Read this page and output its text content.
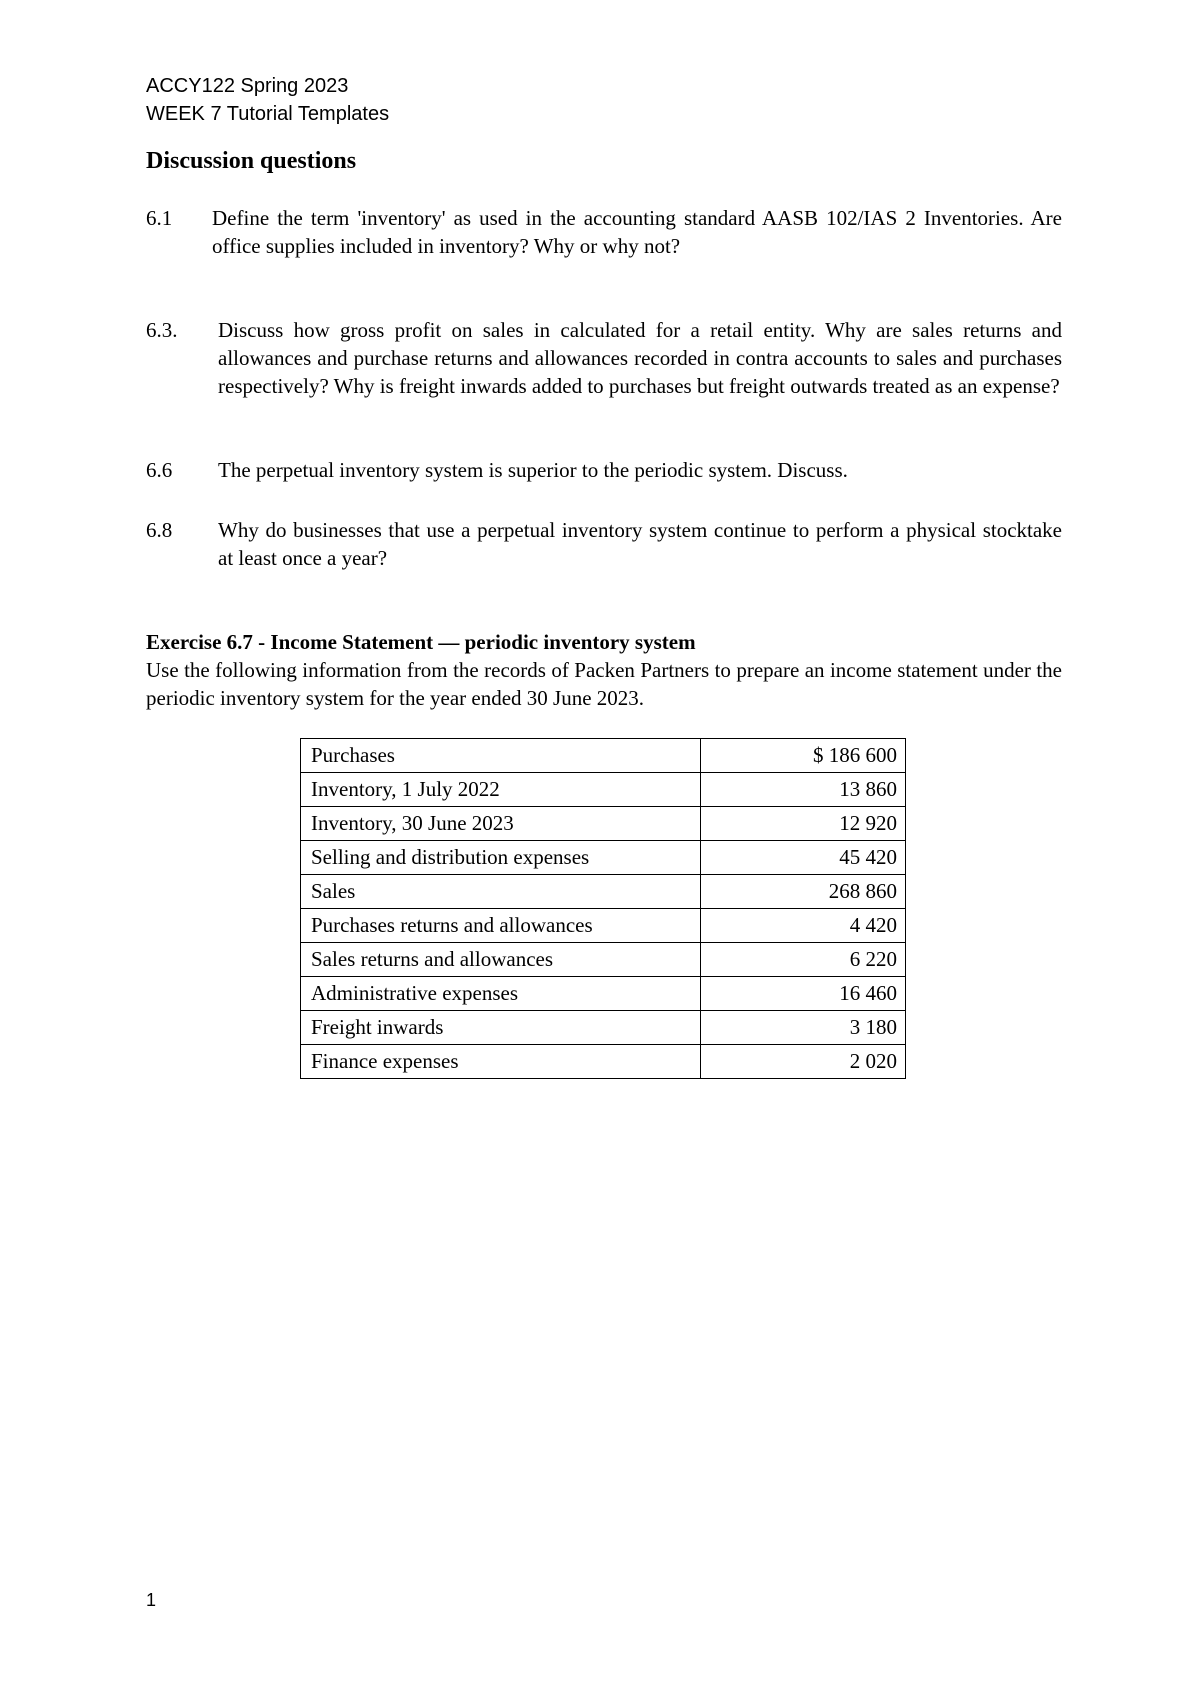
ACCY122 Spring 2023
WEEK 7 Tutorial Templates
Discussion questions
6.1 Define the term 'inventory' as used in the accounting standard AASB 102/IAS 2 Inventories. Are office supplies included in inventory? Why or why not?
6.3. Discuss how gross profit on sales in calculated for a retail entity. Why are sales returns and allowances and purchase returns and allowances recorded in contra accounts to sales and purchases respectively? Why is freight inwards added to purchases but freight outwards treated as an expense?
6.6 The perpetual inventory system is superior to the periodic system. Discuss.
6.8 Why do businesses that use a perpetual inventory system continue to perform a physical stocktake at least once a year?
Exercise 6.7 - Income Statement — periodic inventory system
Use the following information from the records of Packen Partners to prepare an income statement under the periodic inventory system for the year ended 30 June 2023.
Purchases	$ 186 600
Inventory, 1 July 2022	13 860
Inventory, 30 June 2023	12 920
Selling and distribution expenses	45 420
Sales	268 860
Purchases returns and allowances	4 420
Sales returns and allowances	6 220
Administrative expenses	16 460
Freight inwards	3 180
Finance expenses	2 020
1
